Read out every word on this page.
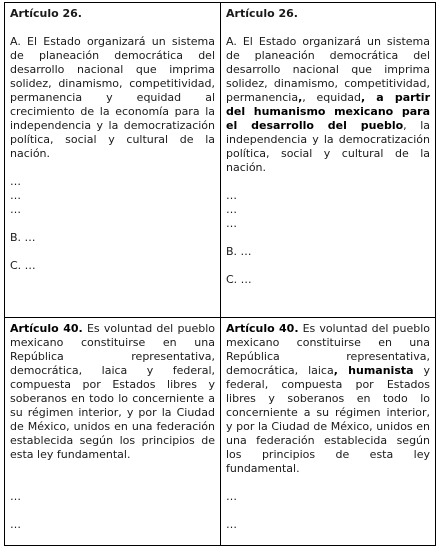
Artículo 26.

A. El Estado organizará un sistema de planeación democrática del desarrollo nacional que imprima solidez, dinamismo, competitividad, permanencia y equidad al crecimiento de la economía para la independencia y la democratización política, social y cultural de la nación.

…
…
…
B. …
C. …
Artículo 26.

A. El Estado organizará un sistema de planeación democrática del desarrollo nacional que imprima solidez, dinamismo, competitividad, permanencia,, equidad, a partir del humanismo mexicano para el desarrollo del pueblo, la independencia y la democratización política, social y cultural de la nación.

…
…
…
B. …
C. …

Artículo 40. Es voluntad del pueblo mexicano constituirse en una República representativa, democrática, laica y federal, compuesta por Estados libres y soberanos en todo lo concerniente a su régimen interior, y por la Ciudad de México, unidos en una federación establecida según los principios de esta ley fundamental.

…
…

Artículo 40. Es voluntad del pueblo mexicano constituirse en una República representativa, democrática, laica, humanista y federal, compuesta por Estados libres y soberanos en todo lo concerniente a su régimen interior, y por la Ciudad de México, unidos en una federación establecida según los principios de esta ley fundamental.

…
…
